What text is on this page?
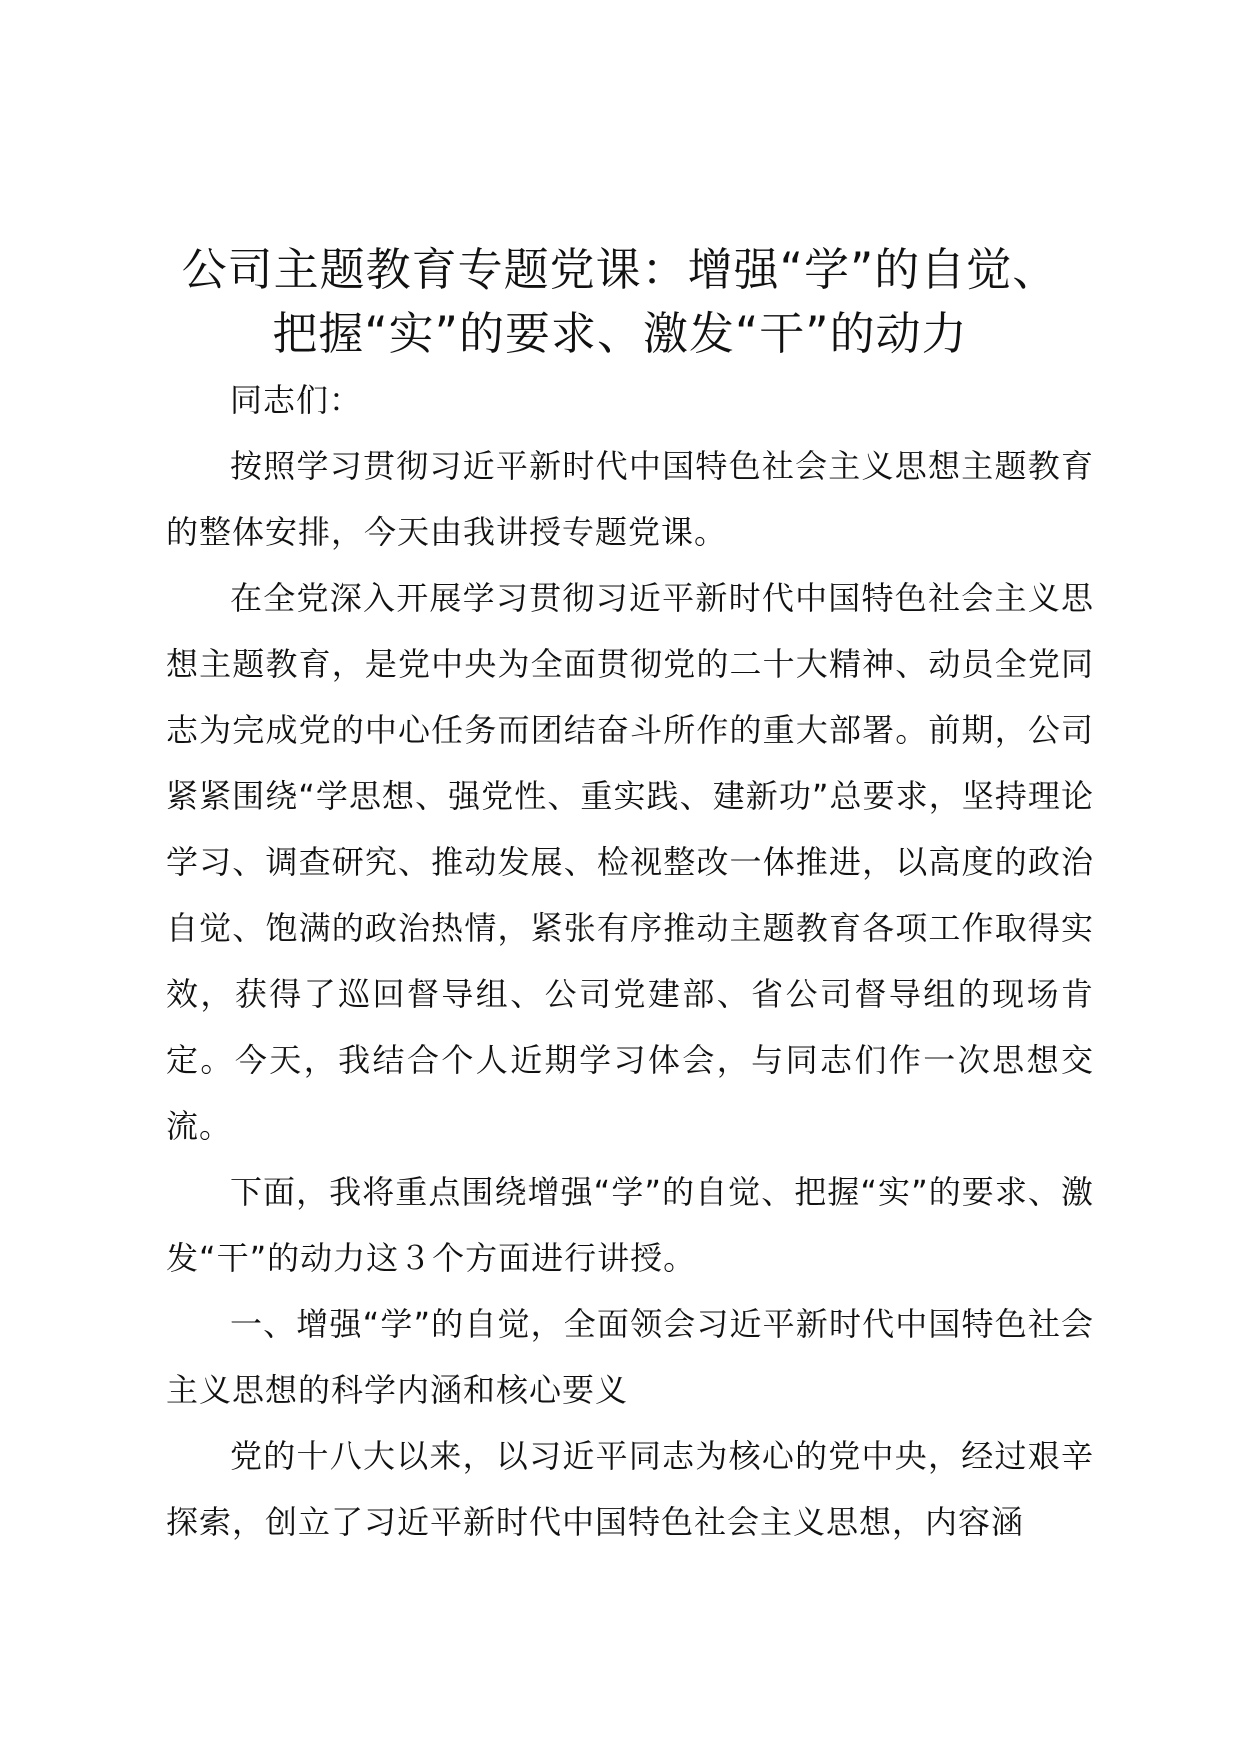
公司主题教育专题党课：增强“学”的自觉、
把握“实”的要求、激发“干”的动力

同志们：

按照学习贯彻习近平新时代中国特色社会主义思想主题教育的整体安排，今天由我讲授专题党课。

在全党深入开展学习贯彻习近平新时代中国特色社会主义思想主题教育，是党中央为全面贯彻党的二十大精神、动员全党同志为完成党的中心任务而团结奋斗所作的重大部署。前期，公司紧紧围绕“学思想、强党性、重实践、建新功”总要求，坚持理论学习、调查研究、推动发展、检视整改一体推进，以高度的政治自觉、饱满的政治热情，紧张有序推动主题教育各项工作取得实效，获得了巡回督导组、公司党建部、省公司督导组的现场肯定。今天，我结合个人近期学习体会，与同志们作一次思想交流。

下面，我将重点围绕增强“学”的自觉、把握“实”的要求、激发“干”的动力这３个方面进行讲授。

一、增强“学”的自觉，全面领会习近平新时代中国特色社会主义思想的科学内涵和核心要义

党的十八大以来，以习近平同志为核心的党中央，经过艰辛探索，创立了习近平新时代中国特色社会主义思想，内容涵
